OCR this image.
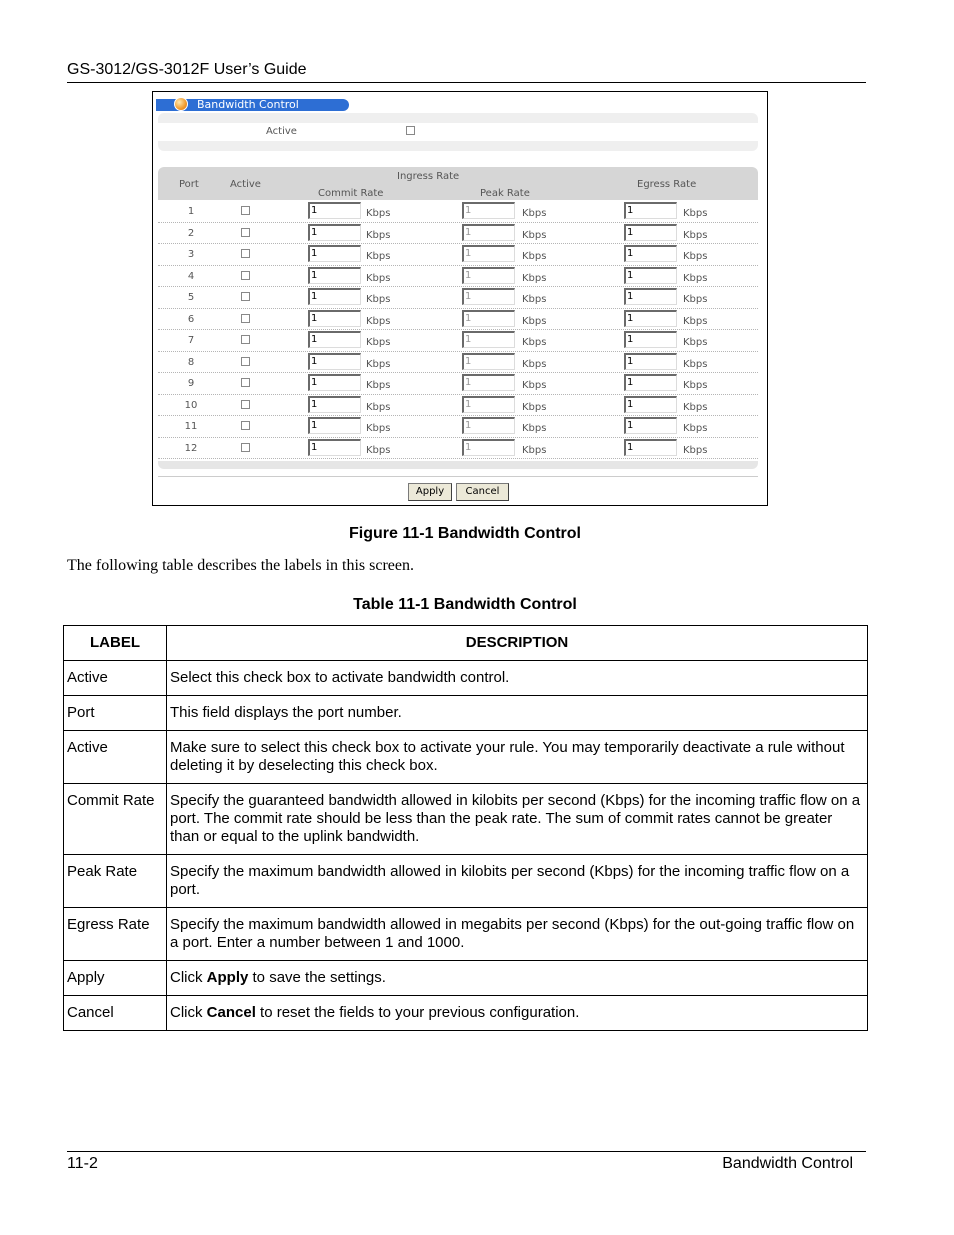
GS-3012/GS-3012F User’s Guide
Bandwidth Control
Active
Port	Active
Ingress Rate
Commit Rate	Peak Rate
Egress Rate
1	1	Kbps	1	Kbps	1	Kbps
2	1	Kbps	1	Kbps	1	Kbps
3	1	Kbps	1	Kbps	1	Kbps
4	1	Kbps	1	Kbps	1	Kbps
5	1	Kbps	1	Kbps	1	Kbps
6	1	Kbps	1	Kbps	1	Kbps
7	1	Kbps	1	Kbps	1	Kbps
8	1	Kbps	1	Kbps	1	Kbps
9	1	Kbps	1	Kbps	1	Kbps
10	1	Kbps	1	Kbps	1	Kbps
11	1	Kbps	1	Kbps	1	Kbps
12	1	Kbps	1	Kbps	1	Kbps
Apply	Cancel
Figure 11-1 Bandwidth Control
The following table describes the labels in this screen.
Table 11-1 Bandwidth Control
LABEL	DESCRIPTION
Active	Select this check box to activate bandwidth control.
Port	This field displays the port number.
Active	Make sure to select this check box to activate your rule. You may temporarily deactivate a rule without deleting it by deselecting this check box.
Commit Rate	Specify the guaranteed bandwidth allowed in kilobits per second (Kbps) for the incoming traffic flow on a port. The commit rate should be less than the peak rate. The sum of commit rates cannot be greater than or equal to the uplink bandwidth.
Peak Rate	Specify the maximum bandwidth allowed in kilobits per second (Kbps) for the incoming traffic flow on a port.
Egress Rate	Specify the maximum bandwidth allowed in megabits per second (Kbps) for the out-going traffic flow on a port. Enter a number between 1 and 1000.
Apply	Click Apply to save the settings.
Cancel	Click Cancel to reset the fields to your previous configuration.
11-2	Bandwidth Control
